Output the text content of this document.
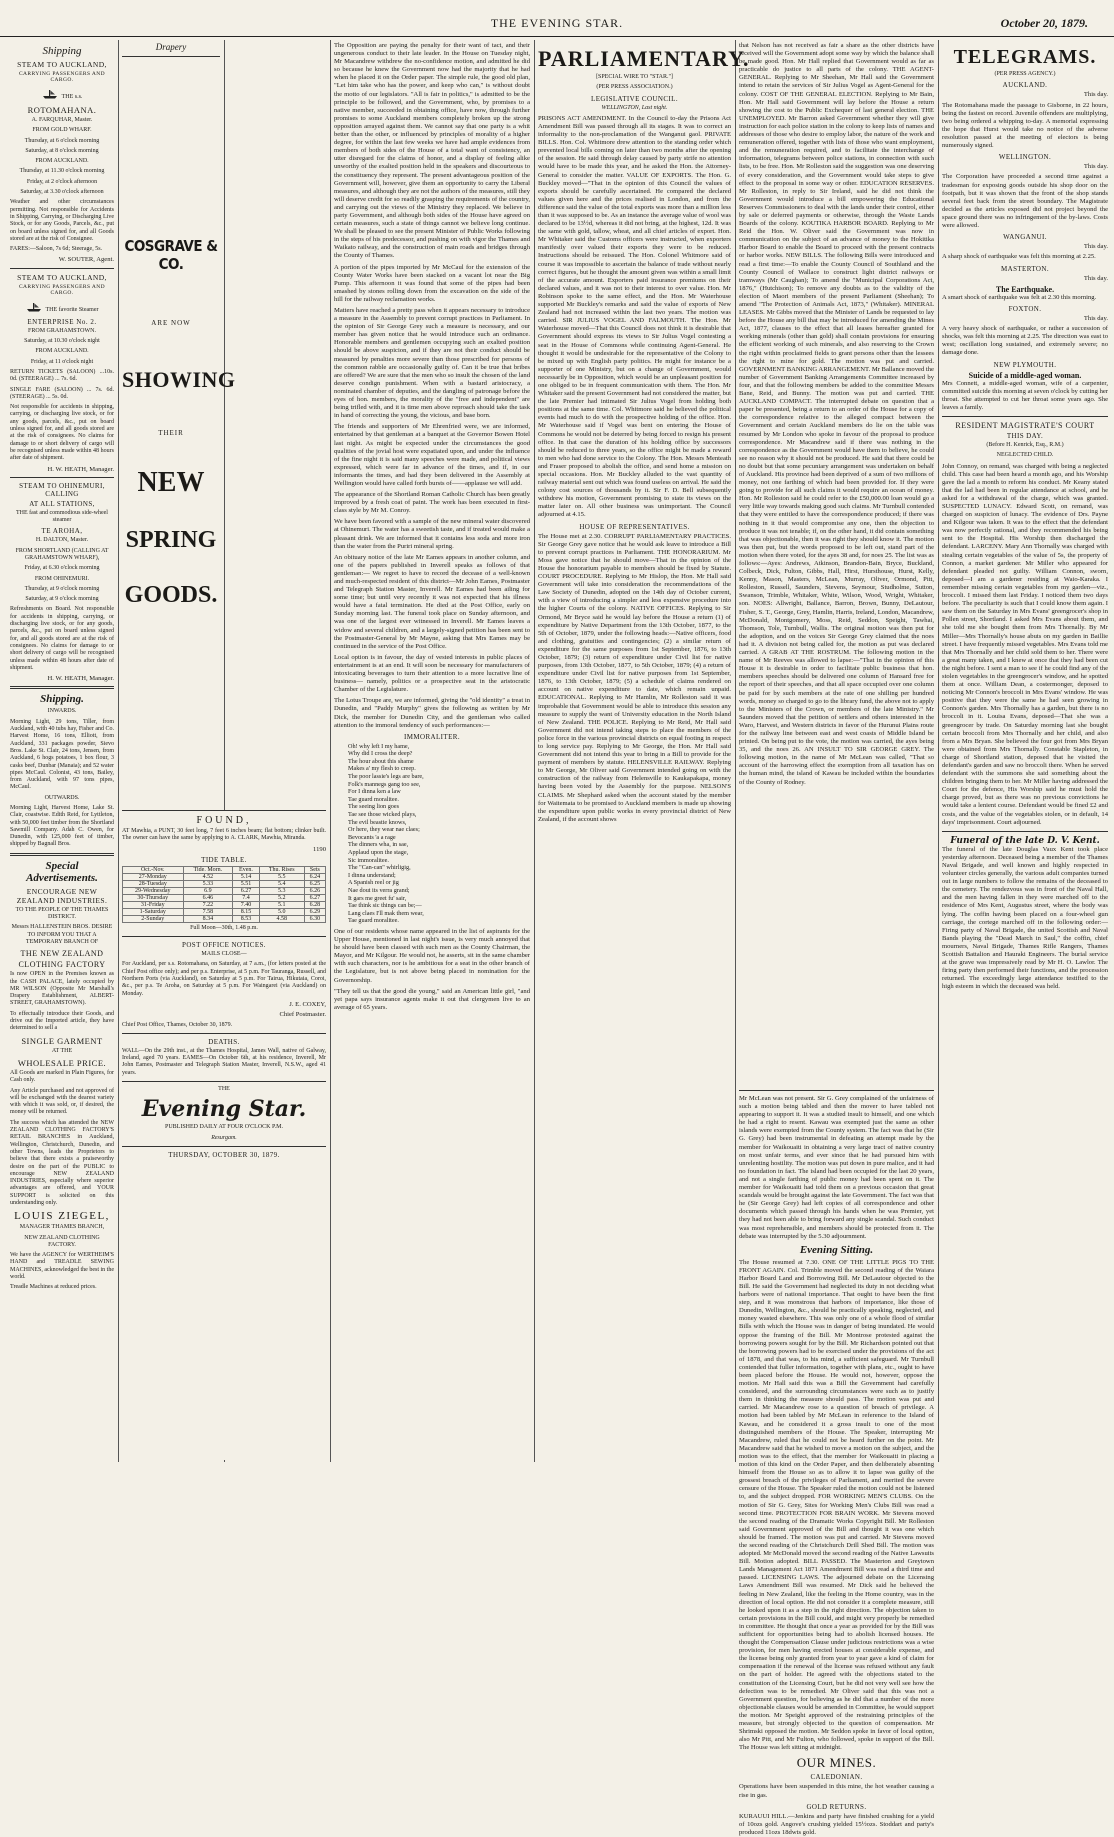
THE EVENING STAR.	October 20, 1879.
Shipping
STEAM TO AUCKLAND,
CARRYING PASSENGERS AND CARGO.
THE s.s.
ROTOMAHANA.

A. FARQUHAR, Master.

FROM GOLD WHARF.

Thursday, at 6 o'clock morning

Saturday, at 8 o'clock morning

FROM AUCKLAND.

Thursday, at 11.30 o'clock morning

Friday, at 2 o'clock afternoon

Saturday, at 3.30 o'clock afternoon

Weather and other circumstances permitting. Not responsible for Accidents in Shipping, Carrying, or Discharging Live Stock, or for any Goods, Parcels, &c., put on board unless signed for, and all Goods stored are at the risk of Consignee.

FARES:—Saloon, 7s 6d; Steerage, 5s.

W. SOUTER, Agent.

STEAM TO AUCKLAND,
CARRYING PASSENGERS AND CARGO.
THE favorite Steamer
ENTERPRISE No. 2.

FROM GRAHAMSTOWN.

Saturday, at 10.30 o'clock night

FROM AUCKLAND.

Friday, at 11 o'clock night

RETURN TICKETS (SALOON) ...10s. 0d. (STEERAGE) ... 7s. 6d.

SINGLE FARE (SALOON) ... 7s. 6d. (STEERAGE) ... 5s. 0d.

Not responsible for accidents in shipping, carrying, or discharging live stock, or for any goods, parcels, &c., put on board unless signed for, and all goods stored are at the risk of consignees. No claims for damage to or short delivery of cargo will be recognised unless made within 48 hours after date of shipment.

H. W. HEATH, Manager.

STEAM TO OHINEMURI, CALLING
AT ALL STATIONS,

THE fast and commodious side-wheel steamer

TE AROHA,

H. DALTON, Master.

FROM SHORTLAND (CALLING AT GRAHAMSTOWN WHARF),

Friday, at 6.30 o'clock morning

FROM OHINEMURI.

Thursday, at 9 o'clock morning

Saturday, at 9 o'clock morning

Refreshments on Board. Not responsible for accidents in shipping, carrying, or discharging live stock, or for any goods, parcels, &c., put on board unless signed for, and all goods stored are at the risk of consignees. No claims for damage to or short delivery of cargo will be recognised unless made within 48 hours after date of shipment.

H. W. HEATH, Manager.

Shipping.

INWARDS.

Morning Light, 29 tons, Tiller, from Auckland, with 40 tubs hay, Fisher and Co. Harvest Home, 16 tons, Elliott, from Auckland, 331 packages powder, Sievo Bros. Lake St. Clair, 24 tons, Jensen, from Auckland, 6 hogs potatoes, 1 box flour, 3 casks beef, Dunbar (Manaia); and 52 water pipes McCaul. Colonist, 43 tons, Bailey, from Auckland, with 97 tons pipes, McCaul.

OUTWARDS.

Morning Light, Harvest Home, Lake St. Clair, coastwise. Edith Reid, for Lyttleton, with 50,000 feet timber from the Shortland Sawmill Company. Adah C. Owen, for Dunedin, with 125,000 feet of timber, shipped by Bagnall Bros.

Special Advertisements.
ENCOURAGE NEW ZEALAND INDUSTRIES.

TO THE PEOPLE OF THE THAMES DISTRICT.

Messrs HALLENSTEIN BROS. DESIRE TO INFORM YOU THAT A TEMPORARY BRANCH OF

THE NEW ZEALAND
CLOTHING FACTORY

Is now OPEN in the Premises known as the CASH PALACE, lately occupied by MR WILSON (Opposite Mr Marshall's Drapery Establishment, ALBERT-STREET, GRAHAMSTOWN).

To effectually introduce their Goods, and drive out the Imported article, they have determined to sell a

SINGLE GARMENT

AT THE

WHOLESALE PRICE.

All Goods are marked in Plain Figures, for Cash only.

Any Article purchased and not approved of will be exchanged with the dearest variety with which it was sold, or, if desired, the money will be returned.

The success which has attended the NEW ZEALAND CLOTHING FACTORY'S RETAIL BRANCHES in Auckland, Wellington, Christchurch, Dunedin, and other Towns, leads the Proprietors to believe that there exists a praiseworthy desire on the part of the PUBLIC to encourage NEW ZEALAND INDUSTRIES, especially where superior advantages are offered, and YOUR SUPPORT is solicited on this understanding only.

LOUIS ZIEGEL,

MANAGER THAMES BRANCH,

NEW ZEALAND CLOTHING FACTORY.

We have the AGENCY for WERTHEIM'S HAND and TREADLE SEWING MACHINES, acknowledged the best in the world.

Treadle Machines at reduced prices.

Drapery
COSGRAVE & CO.
ARE NOW
SHOWING
THEIR
NEW
SPRING
GOODS.

The Opposition are paying the penalty for their want of tact, and their ungenerous conduct to their late leader. In the House on Tuesday night, Mr Macandrew withdrew the no-confidence motion, and admitted he did so because he knew the Government now had the majority that he had when he placed it on the Order paper. The simple rule, the good old plan, "Let him take who has the power, and keep who can," is without doubt the motto of our legislators. "All is fair in politics," is admitted to be the principle to be followed, and the Government, who, by promises to a native member, succeeded in obtaining office, have now, through further promises to some Auckland members completely broken up the strong opposition arrayed against them. We cannot say that one party is a whit better than the other, or influenced by principles of morality of a higher degree, for within the last few weeks we have had ample evidences from members of both sides of the House of a total want of consistency, an utter disregard for the claims of honor, and a display of feeling alike unworthy of the exalted position held in the speakers and discourteous to the constituency they represent. The present advantageous position of the Government will, however, give them an opportunity to carry the Liberal measures, and although they are not the authors of the measures, still they will deserve credit for so readily grasping the requirements of the country, and carrying out the views of the Ministry they replaced. We believe in party Government, and although both sides of the House have agreed on certain measures, such a state of things cannot we believe long continue. We shall be pleased to see the present Minister of Public Works following in the steps of his predecessor, and pushing on with vigor the Thames and Waikato railway, and the construction of main roads and bridges through the County of Thames.

A portion of the pipes imported by Mr McCaul for the extension of the County Water Works have been stacked on a vacant lot near the Big Pump. This afternoon it was found that some of the pipes had been smashed by stones rolling down from the excavation on the side of the hill for the railway reclamation works.

Matters have reached a pretty pass when it appears necessary to introduce a measure in the Assembly to prevent corrupt practices in Parliament. In the opinion of Sir George Grey such a measure is necessary, and our member has given notice that he would introduce such an ordinance. Honorable members and gentlemen occupying such an exalted position should be above suspicion, and if they are not their conduct should be measured by penalties more severe than those prescribed for persons of the common rabble are occasionally guilty of. Can it be true that bribes are offered? We are sure that the men who so insult the chosen of the land deserve condign punishment. When with a bastard aristocracy, a nominated chamber of deputies, and the dangling of patronage before the eyes of hon. members, the morality of the "free and independent" are being trifled with, and it is time men above reproach should take the task in hand of correcting the young, the vicious, and base born.

The friends and supporters of Mr Ehrenfried were, we are informed, entertained by that gentleman at a banquet at the Governor Bowen Hotel last night. As might be expected under the circumstances the good qualities of the jovial host were expatiated upon, and under the influence of the fine night it is said many speeches were made, and political views expressed, which were far in advance of the times, and if, in our informants the times, and had they been delivered in the Assembly at Wellington would have called forth bursts of——applause we will add.

The appearance of the Shortland Roman Catholic Church has been greatly improved by a fresh coat of paint. The work has been executed in first-class style by Mr M. Conroy.

We have been favored with a sample of the new mineral water discovered at Ohinemuri. The water has a sweetish taste, and if treated would make a pleasant drink. We are informed that it contains less soda and more iron than the water from the Puriri mineral spring.

An obituary notice of the late Mr Eames appears in another column, and one of the papers published in Inverell speaks as follows of that gentleman:— We regret to have to record the decease of a well-known and much-respected resident of this district—Mr John Eames, Postmaster and Telegraph Station Master, Inverell. Mr Eames had been ailing for some time; but until very recently it was not expected that his illness would have a fatal termination. He died at the Post Office, early on Sunday morning last. The funeral took place on Sunday afternoon, and was one of the largest ever witnessed in Inverell. Mr Eames leaves a widow and several children, and a largely-signed petition has been sent to the Postmaster-General by Mr Mayne, asking that Mrs Eames may be continued in the service of the Post Office.

Local option is in favour, the day of vested interests in public places of entertainment is at an end. It will soon be necessary for manufacturers of intoxicating beverages to turn their attention to a more lucrative line of business— namely, politics or a prospective seat in the aristocratic Chamber of the Legislature.

The Lotus Troupe are, we are informed, giving the "old identity" a treat in Dunedin, and "Paddy Murphy" gives the following as written by Mr Dick, the member for Dunedin City, and the gentleman who called attention to the immoral tendency of such performances:—

IMMORALITER.

Oh! why left I my hame,

Why did I cross the deep?

The hour about this shame

Makes a' my flesh to creep.

The poor lassie's legs are bare,

Folk's mannegs gang too see,

For I dinna ken a law

Tae guard moralitee.

The seeing lion goes

Tae see those wicked plays,

The evil beastie knows,

Or here, they wear nae claes;

Bevocants 'a a rage

The dinners wha, in sae,

Applaud upon the stage,

Sic immoralitee.

The "Can-can" whirligig,

I dinna understand;

A Spanish reel or jig

Nae dout its verra grand;

It gars me greet fu' sair,

Tae think sic things can be;—

Lang claes I'll mak them wear,

Tae guard moralitee.

One of our residents whose name appeared in the list of aspirants for the Upper House, mentioned in last night's issue, is very much annoyed that he should have been classed with such men as the County Chairman, the Mayor, and Mr Kilgour. He would not, he asserts, sit in the same chamber with such characters, nor is he ambitious for a seat in the other branch of the Legislature, but is not above being placed in nomination for the Governorship.

"They tell us that the good die young," said an American little girl, "and yet papa says insurance agents make it out that clergymen live to an average of 65 years.

FOUND,

AT Mawhia, a PUNT, 30 feet long, 7 feet 6 inches beam; flat bottom; clinker built. The owner can have the same by applying to A. CLARK, Mawhia, Miranda.

1190

TIDE TABLE.
Oct.-Nov.	Tide. Morn.	Even.	Thu. Rises	Sets
27-Monday	4.52	5.14	5.5	6.24
28-Tuesday	5.33	5.51	5.4	6.25
29-Wednesday	6.9	6.27	5.3	6.26
30-Thursday	6.46	7.4	5.2	6.27
31-Friday	7.22	7.40	5.1	6.28
1-Saturday	7.58	8.15	5.0	6.29
2-Sunday	8.34	8.53	4.58	6.30

Full Moon—30th, 1.48 p.m.

POST OFFICE NOTICES.

MAILS CLOSE—

For Auckland, per s.s. Rotomahana, on Saturday, at 7 a.m., (for letters posted at the Chief Post office only); and per p.s. Enterprise, at 5 p.m. For Tauranga, Russell, and Northern Ports (via Auckland), on Saturday at 5 p.m. For Tairua, Hikutaia, Coroi, &c., per p.s. Te Aroha, on Saturday at 5 p.m. For Waingarei (via Auckland) on Monday.

J. E. COXEY,

Chief Postmaster.

Chief Post Office, Thames, October 30, 1879.

DEATHS.

WALL—On the 29th inst., at the Thames Hospital, James Wall, native of Galway, Ireland, aged 70 years. EAMES—On October 6th, at his residence, Inverell, Mr John Eames, Postmaster and Telegraph Station Master, Inverell, N.S.W., aged 41 years.

THE

Evening Star.

PUBLISHED DAILY AT FOUR O'CLOCK P.M.

Resurgam.

THURSDAY, OCTOBER 30, 1879.
PARLIAMENTARY.

[SPECIAL WIRE TO "STAR."]

(PER PRESS ASSOCIATION.)

LEGISLATIVE COUNCIL.

WELLINGTON, Last night.

PRISONS ACT AMENDMENT. In the Council to-day the Prisons Act Amendment Bill was passed through all its stages. It was to correct an informality to the non-proclamation of the Wanganui gaol. PRIVATE BILLS. Hon. Col. Whitmore drew attention to the standing order which prevented local bills coming on later than two months after the opening of the session. He said through delay caused by party strife no attention would have to be made this year, and he asked the Hon. the Attorney-General to consider the matter. VALUE OF EXPORTS. The Hon. G. Buckley moved—"That in the opinion of this Council the values of exports should be carefully ascertained. He compared the declared values given here and the prices realised in London, and from the difference said the value of the total exports was more than a million less than it was supposed to be. As an instance the average value of wool was declared to be 13½d, whereas it did not bring, at the highest, 12d. It was the same with gold, tallow, wheat, and all chief articles of export. Hon. Mr Whitaker said the Customs officers were instructed, when exporters manifestly over valued their exports they were to be reduced. Instructions should be reissued. The Hon. Colonel Whitmore said of course it was impossible to ascertain the balance of trade without nearly correct figures, but he thought the amount given was within a small limit of the accurate amount. Exporters paid insurance premiums on their declared values, and it was not to their interest to over value. Hon. Mr Robinson spoke to the same effect, and the Hon. Mr Waterhouse supported Mr Buckley's remarks and said the value of exports of New Zealand had not increased within the last two years. The motion was carried. SIR JULIUS VOGEL AND FALMOUTH. The Hon. Mr Waterhouse moved—That this Council does not think it is desirable that Government should express its views to Sir Julius Vogel contesting a seat in the House of Commons while continuing Agent-General. He thought it would be undesirable for the representative of the Colony to be mixed up with English party politics. He might for instance be a supporter of one Ministry, but on a change of Government, would necessarily be in Opposition, which would be an unpleasant position for one obliged to be in frequent communication with them. The Hon. Mr Whitaker said the present Government had not considered the matter, but the late Premier had intimated Sir Julius Vogel from holding both positions at the same time. Col. Whitmore said he believed the political events had much to do with the prospective holding of the office. Hon. Mr Waterhouse said if Vogel was bent on entering the House of Commons he would not be deterred by being forced to resign his present office. In that case the duration of his holding office by successors should be reduced to three years, so the office might be made a reward to men who had done service to the Colony. The Hon. Messrs Menteath and Fraser proposed to abolish the office, and send home a mission on special occasions. Hon. Mr Buckley alluded to the vast quantity of railway material sent out which was found useless on arrival. He said the colony cost sources of thousands by it. Sir F. D. Bell subsequently withdrew his motion, Government promising to state its views on the matter later on. All other business was unimportant. The Council adjourned at 4.15.

HOUSE OF REPRESENTATIVES.

The House met at 2.30. CORRUPT PARLIAMENTARY PRACTICES. Sir George Grey gave notice that he would ask leave to introduce a Bill to prevent corrupt practices in Parliament. THE HONORARIUM. Mr Moss gave notice that he should move—That in the opinion of the House the honorarium payable to members should be fixed by Statute. COURT PROCEDURE. Replying to Mr Hislop, the Hon. Mr Hall said Government will take into consideration the recommendations of the Law Society of Dunedin, adopted on the 14th day of October current, with a view of introducing a simpler and less expensive procedure into the higher Courts of the colony. NATIVE OFFICES. Replying to Sir Ormond, Mr Bryce said he would lay before the House a return (1) of expenditure by Native Department from the 13th October, 1877, to the 5th of October, 1879, under the following heads:—Native officers, food and clothing, gratuities and contingencies; (2) a similar return of expenditure for the same purposes from 1st September, 1876, to 13th October, 1879; (3) return of expenditure under Civil list for native purposes, from 13th October, 1877, to 5th October, 1879; (4) a return of expenditure under Civil list for native purposes from 1st September, 1876, to 13th October, 1879; (5) a schedule of claims rendered on account on native expenditure to date, which remain unpaid. EDUCATIONAL. Replying to Mr Hamlin, Mr Rolleston said it was improbable that Government would be able to introduce this session any measure to supply the want of University education in the North Island of New Zealand. THE POLICE. Replying to Mr Reid, Mr Hall said Government did not intend taking steps to place the members of the police force in the various provincial districts on equal footing in respect to long service pay. Replying to Mr George, the Hon. Mr Hall said Government did not intend this year to bring in a Bill to provide for the payment of members by statute. HELENSVILLE RAILWAY. Replying to Mr George, Mr Oliver said Government intended going on with the construction of the railway from Helensville to Kaukapakapa, money having been voted by the Assembly for the purpose. NELSON'S CLAIMS. Mr Shephard asked when the account stated by the member for Waitemata to be promised to Auckland members is made up showing the expenditure upon public works in every provincial district of New Zealand, if the account shows

that Nelson has not received as fair a share as the other districts have received will the Government adopt some way by which the balance shall be made good. Hon. Mr Hall replied that Government would as far as practicable do justice to all parts of the colony. THE AGENT-GENERAL. Replying to Mr Sheehan, Mr Hall said the Government intend to retain the services of Sir Julius Vogel as Agent-General for the colony. COST OF THE GENERAL ELECTION. Replying to Mr Bain, Hon. Mr Hall said Government will lay before the House a return showing the cost to the Public Exchequer of last general election. THE UNEMPLOYED. Mr Barron asked Government whether they will give instruction for each police station in the colony to keep lists of names and addresses of those who desire to employ labor, the nature of the work and remuneration offered, together with lists of those who want employment, and the remuneration required, and to facilitate the interchange of information, telegrams between police stations, in connection with such lists, to be free. Hon. Mr Rolleston said the suggestion was one deserving of every consideration, and the Government would take steps to give effect to the proposal in some way or other. EDUCATION RESERVES. Mr Rolleston, in reply to Sir Ireland, said he did not think the Government would introduce a bill empowering the Educational Reserves Commissioners to deal with the lands under their control, either by sale or deferred payments or otherwise, through the Waste Lands Boards of the colony. KOUTIKA HARBOR BOARD. Replying to Mr Reid the Hon. W. Oliver said the Government was now in communication on the subject of an advance of money to the Hokitika Harbor Board to enable the Board to proceed with the present contracts or harbor works. NEW BILLS. The following Bills were introduced and read a first time:—To enable the County Council of Southland and the County Council of Wallace to construct light district railways or tramways (Mr Caughan); To amend the "Municipal Corporations Act, 1876," (Hutchison); To remove any doubts as to the validity of the election of Maori members of the present Parliament (Sheehan); To amend "The Protection of Animals Act, 1873," (Whitaker). MINERAL LEASES. Mr Gibbs moved that the Minister of Lands be requested to lay before the House any bill that may be introduced for amending the Mines Act, 1877, clauses to the effect that all leases hereafter granted for working minerals (other than gold) shall contain provisions for ensuring the efficient working of such minerals, and also reserving to the Crown the right within proclaimed fields to grant persons other than the lessees the right to mine for gold. The motion was put and carried. GOVERNMENT BANKING ARRANGEMENT. Mr Ballance moved the number of Government Banking Arrangements Committee increased by four, and that the following members be added to the committee Messrs Bane, Reid, and Bunny. The motion was put and carried. THE AUCKLAND COMPACT. The interrupted debate on question that a paper be presented, being a return to an order of the House for a copy of the correspondence relative to the alleged compact between the Government and certain Auckland members do lie on the table was resumed by Mr London who spoke in favour of the proposal to produce correspondence. Mr Macandrew said if there was nothing in the correspondence as the Government would have them to believe, he could see no reason why it should not be produced. He said that there could be no doubt but that some pecuniary arrangement was undertaken on behalf of Auckland. His province had been deprived of a sum of two millions of money, not one farthing of which had been provided for. If they were going to provide for all such claims it would require an ocean of money. Hon. Mr Rolleston said he could refer to the £50,000.00 loan would go a very little way towards making good such claims. Mr Turnbull contended that they were entitled to have the correspondence produced; if there was nothing in it that would compromise any one, then the objection to produce it was not tenable; if, on the other hand, it did contain something that was objectionable, then it was right they should know it. The motion was then put, but the words proposed to be left out, stand part of the motion when there voted, for the ayes 38 and, for noes 25. The list was as follows:—Ayes: Andrews, Atkinson, Brandon-Bain, Bryce, Buckland, Colbeck, Dick, Fulton, Gibbs, Hall, Hirst, Hursthouse, Hurst, Kelly, Kenny, Mason, Masters, McLean, Murray, Oliver, Ormond, Pitt, Rolleston, Russell, Saunders, Stevens, Seymour, Studholme, Sutton, Swanson, Trimble, Whitaker, White, Wilson, Wood, Wright, Whitaker, son. NOES: Allwright, Ballance, Barron, Brown, Bunny, DeLautour, Fisher, S. T., George, Grey, Hamlin, Harris, Ireland, London, Macandrew, McDonald, Montgomery, Moss, Reid, Seddon, Speight, Tawhai, Thomson, Tole, Turnbull, Wallis. The original motion was then put for the adoption, and on the voices Sir George Grey claimed that the noes had it. A division not being called for, the motion as put was declared carried. A GRAB AT THE ROSTRUM. The following motion in the name of Mr Reeves was allowed to lapse:—"That in the opinion of this House it is desirable in order to facilitate public business that hon. members speeches should be delivered one column of Hansard free for the report of their speeches, and that all space occupied over one column be paid for by such members at the rate of one shilling per hundred words, money so charged to go to the library fund, the above not to apply to the Ministers of the Crown, or members of the late Ministry." Mr Saunders moved that the petition of settlers and others interested in the Waro, Harvest, and Western districts in favor of the Hurunui Plains route for the railway line between east and west coasts of Middle Island be printed. On being put to the vote, the motion was carried, the ayes being 35, and the noes 26. AN INSULT TO SIR GEORGE GREY. The following motion, in the name of Mr McLean was called, "That so account of the harrowing effect the exemption from all taxation has on the human mind, the island of Kawau be included within the boundaries of the County of Rodney.

TELEGRAMS.

(PER PRESS AGENCY.)

AUCKLAND.

This day.

The Rotomahana made the passage to Gisborne, in 22 hours, being the fastest on record. Juvenile offenders are multiplying, two being ordered a whipping to-day. A memorial expressing the hope that Hurst would take no notice of the adverse resolution passed at the meeting of electors is being numerously signed.

WELLINGTON.

This day.

The Corporation have proceeded a second time against a tradesman for exposing goods outside his shop door on the footpath, but it was shown that the front of the shop stands several feet back from the street boundary. The Magistrate decided as the articles exposed did not project beyond the space ground there was no infringement of the by-laws. Costs were allowed.

WANGANUI.

This day.

A sharp shock of earthquake was felt this morning at 2.25.

MASTERTON.

This day.

The Earthquake.

A smart shock of earthquake was felt at 2.30 this morning.

FOXTON.

This day.

A very heavy shock of earthquake, or rather a succession of shocks, was felt this morning at 2.25. The direction was east to west; oscillation long sustained, and extremely severe; no damage done.

NEW PLYMOUTH.
Suicide of a middle-aged woman.

Mrs Connett, a middle-aged woman, wife of a carpenter, committed suicide this morning at seven o'clock by cutting her throat. She attempted to cut her throat some years ago. She leaves a family.

RESIDENT MAGISTRATE'S COURT
THIS DAY.

(Before H. Kenrick, Esq., R.M.)

NEGLECTED CHILD.

John Connoy, on remand, was charged with being a neglected child. This case had been heard a month ago, and his Worship gave the lad a month to reform his conduct. Mr Keany stated that the lad had been in regular attendance at school, and he asked for a withdrawal of the charge, which was granted. SUSPECTED LUNACY. Edward Scott, on remand, was charged on suspicion of lunacy. The evidence of Drs. Payne and Kilgour was taken. It was to the effect that the defendant was now perfectly rational, and they recommended his being sent to the Hospital. His Worship then discharged the defendant. LARCENY. Mary Ann Thornally was charged with stealing certain vegetables of the value of 5s, the property of Connon, a market gardener. Mr Miller who appeared for defendant pleaded not guilty. William Connon, sworn, deposed—I am a gardener residing at Waio-Karaka. I remember missing certain vegetables from my garden—viz., broccoli. I missed them last Friday. I noticed them two days before. The peculiarity is such that I could know them again. I saw them on the Saturday in Mrs Evans' greengrocer's shop in Pollen street, Shortland. I asked Mrs Evans about them, and she told me she bought them from Mrs Thornally. By Mr Miller—Mrs Thornally's house abuts on my garden in Baillie street. I have frequently missed vegetables. Mrs Evans told me that Mrs Thornally and her child sold them to her. There were a great many taken, and I knew at once that they had been cut the night before. I sent a man to see if he could find any of the stolen vegetables in the greengrocer's window, and he spotted them at once. William Dean, a costermonger, deposed to noticing Mr Connon's broccoli in Mrs Evans' window. He was positive that they were the same he had seen growing in Connon's garden. Mrs Thornally has a garden, but there is no broccoli in it. Louisa Evans, deposed—That she was a greengrocer by trade. On Saturday morning last she bought certain broccoli from Mrs Thornally and her child, and also from a Mrs Bryan. She believed the four got from Mrs Bryan were obtained from Mrs Thornally. Constable Stapleton, in charge of Shortland station, deposed that he visited the defendant's garden and saw no broccoli there. When he served defendant with the summons she said something about the children bringing them to her. Mr Miller having addressed the Court for the defence, His Worship said he must hold the charge proved, but as there was no previous convictions he would take a lenient course. Defendant would be fined £2 and costs, and the value of the vegetables stolen, or in default, 14 days' imprisonment. Court adjourned.

Funeral of the late D. V. Kent.

The funeral of the late Douglas Vaux Kent took place yesterday afternoon. Deceased being a member of the Thames Naval Brigade, and well known and highly respected in volunteer circles generally, the various adult companies turned out in large numbers to follow the remains of the deceased to the cemetery. The rendezvous was in front of the Naval Hall, and the men having fallen in they were marched off to the residence of Mrs Kent, Augustus street, where the body was lying. The coffin having been placed on a four-wheel gun carriage, the cortege marched off in the following order:— Firing party of Naval Brigade, the united Scottish and Naval Bands playing the "Dead March in Saul," the coffin, chief mourners, Naval Brigade, Thames Rifle Rangers, Thames Scottish Battalion and Hauraki Engineers. The burial service at the grave was impressively read by Mr H. O. Lawlor. The firing party then performed their functions, and the procession returned. The exceedingly large attendance testified to the high esteem in which the deceased was held.

Mr McLean was not present. Sir G. Grey complained of the unfairness of such a motion being tabled and then the mover to have tabled not appearing to support it. It was a studied insult to himself, and one which he had a right to resent. Kawau was exempted just the same as other islands were exempted from the County system. The fact was that he (Sir G. Grey) had been instrumental in defeating an attempt made by the member for Waikouaiti in obtaining a very large tract of native country on most unfair terms, and ever since that he had pursued him with unrelenting hostility. The motion was put down in pure malice, and it had no foundation in fact. The island had been occupied for the last 20 years, and not a single farthing of public money had been spent on it. The member for Waikouaiti had told them on a previous occasion that great scandals would be brought against the late Government. The fact was that he (Sir George Grey) had left copies of all correspondence and other documents which passed through his hands when he was Premier, yet they had not been able to bring forward any single scandal. Such conduct was most reprehensible, and members should be protected from it. The debate was interrupted by the 5.30 adjournment.

Evening Sitting.

The House resumed at 7.30. ONE OF THE LITTLE PIGS TO THE FRONT AGAIN. Col. Trimble moved the second reading of the Waiara Harbor Board Land and Borrowing Bill. Mr DeLautour objected to the Bill. He said the Government had neglected its duty in not deciding what harbors were of national importance. That ought to have been the first step, and it was monstrous that harbors of importance, like those of Dunedin, Wellington, &c., should be practically speaking, neglected, and money wasted elsewhere. This was only one of a whole flood of similar Bills with which the House was in danger of being inundated. He would oppose the framing of the Bill. Mr Montrose protested against the borrowing powers sought for by the Bill. Mr Richardson pointed out that the borrowing powers had to be exercised under the provisions of the act of 1878, and that was, to his mind, a sufficient safeguard. Mr Turnbull contended that fuller information, together with plans, etc., ought to have been placed before the House. He would not, however, oppose the motion. Mr Hall said this was a Bill the Government had carefully considered, and the surrounding circumstances were such as to justify them in thinking the measure should pass. The motion was put and carried. Mr Macandrew rose to a question of breach of privilege. A motion had been tabled by Mr McLean in reference to the Island of Kawau, and he considered it a gross insult to one of the most distinguished members of the House. The Speaker, interrupting Mr Macandrew, ruled that he could not be heard further on the point. Mr Macandrew said that he wished to move a motion on the subject, and the motion was to the effect, that the member for Waikouaiti in placing a motion of this kind on the Order Paper, and then deliberately absenting himself from the House so as to allow it to lapse was guilty of the grossest breach of the privileges of Parliament, and merited the severe censure of the House. The Speaker ruled the motion could not be listened to, and the subject dropped. FOR WORKING MEN'S CLUBS. On the motion of Sir G. Grey, Sites for Working Men's Clubs Bill was read a second time. PROTECTION FOR BRAIN WORK. Mr Stevens moved the second reading of the Dramatic Works Copyright Bill. Mr Rolleston said Government approved of the Bill and thought it was one which should be framed. The motion was put and carried. Mr Stevens moved the second reading of the Christchurch Drill Shed Bill. The motion was adopted. Mr McDonald moved the second reading of the Native Lawsuits Bill. Motion adopted. BILL PASSED. The Masterton and Greytown Lands Management Act 1871 Amendment Bill was read a third time and passed. LICENSING LAWS. The adjourned debate on the Licensing Laws Amendment Bill was resumed. Mr Dick said he believed the feeling in New Zealand, like the feeling in the Home country, was in the direction of local option. He did not consider it a complete measure, still he looked upon it as a step in the right direction. The objection taken to certain provisions in the Bill could, and might very properly be remedied in committee. He thought that once a year as provided for by the Bill was sufficient for opportunities being had to abolish licensed houses. He thought the Compensation Clause under judicious restrictions was a wise provision, for men having erected houses at considerable expense, and the license being only granted from year to year gave a kind of claim for compensation if the renewal of the license was refused without any fault on the part of holder. He agreed with the objections stated to the constitution of the Licensing Court, but he did not very well see how the defection was to be remedied. Mr Oliver said that this was not a Government question, for believing as he did that a number of the more objectionable clauses would be amended in Committee, he would support the motion. Mr Speight approved of the restraining principles of the measure, but strongly objected to the question of compensation. Mr Shrimski opposed the motion. Mr Seddon spoke in favor of local option, also Mr Pitt, and Mr Fulton, who followed, spoke in support of the Bill. The House was left sitting at midnight.

OUR MINES.
CALEDONIAN.

Operations have been suspended in this mine, the hot weather causing a rise in gas.

GOLD RETURNS.

KURAUUI HILL.—Jenkins and party have finished crushing for a yield of 10ozs gold. Angove's crushing yielded 15½ozs. Stoddart and party's produced 11ozs 18dwts gold.
